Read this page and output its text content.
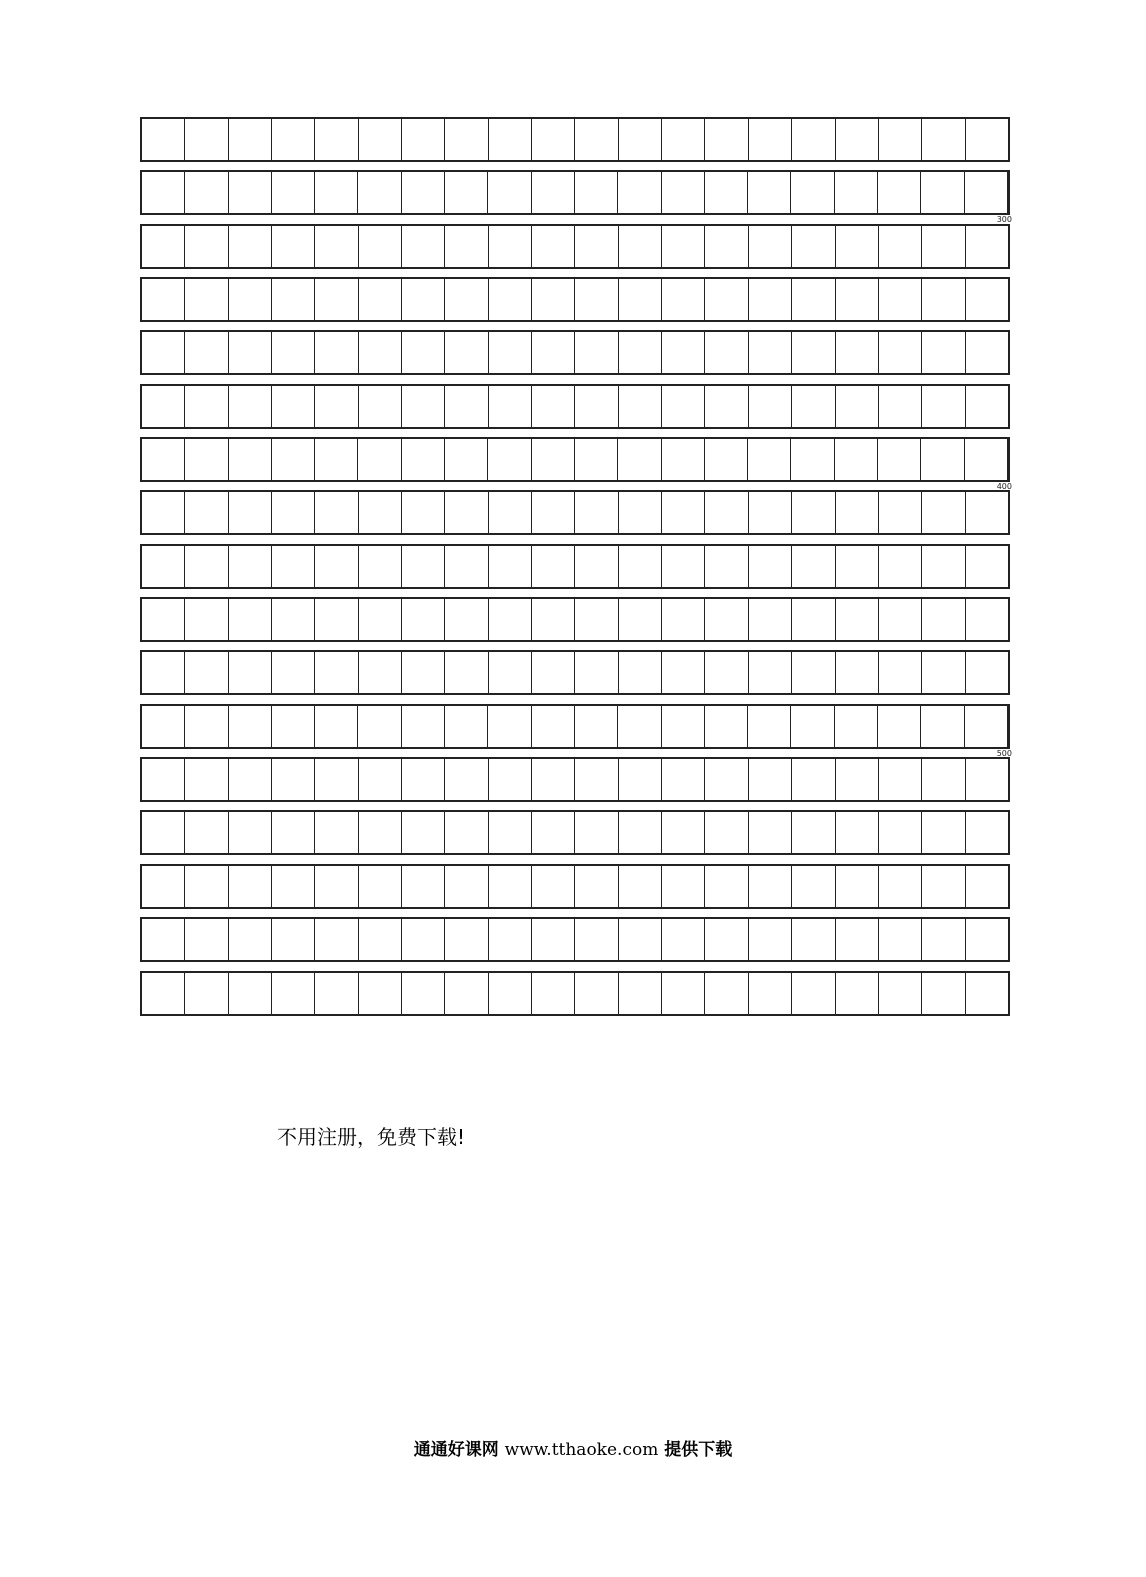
300
400
500
不用注册，免费下载!
通通好课网 www.tthaoke.com 提供下载
